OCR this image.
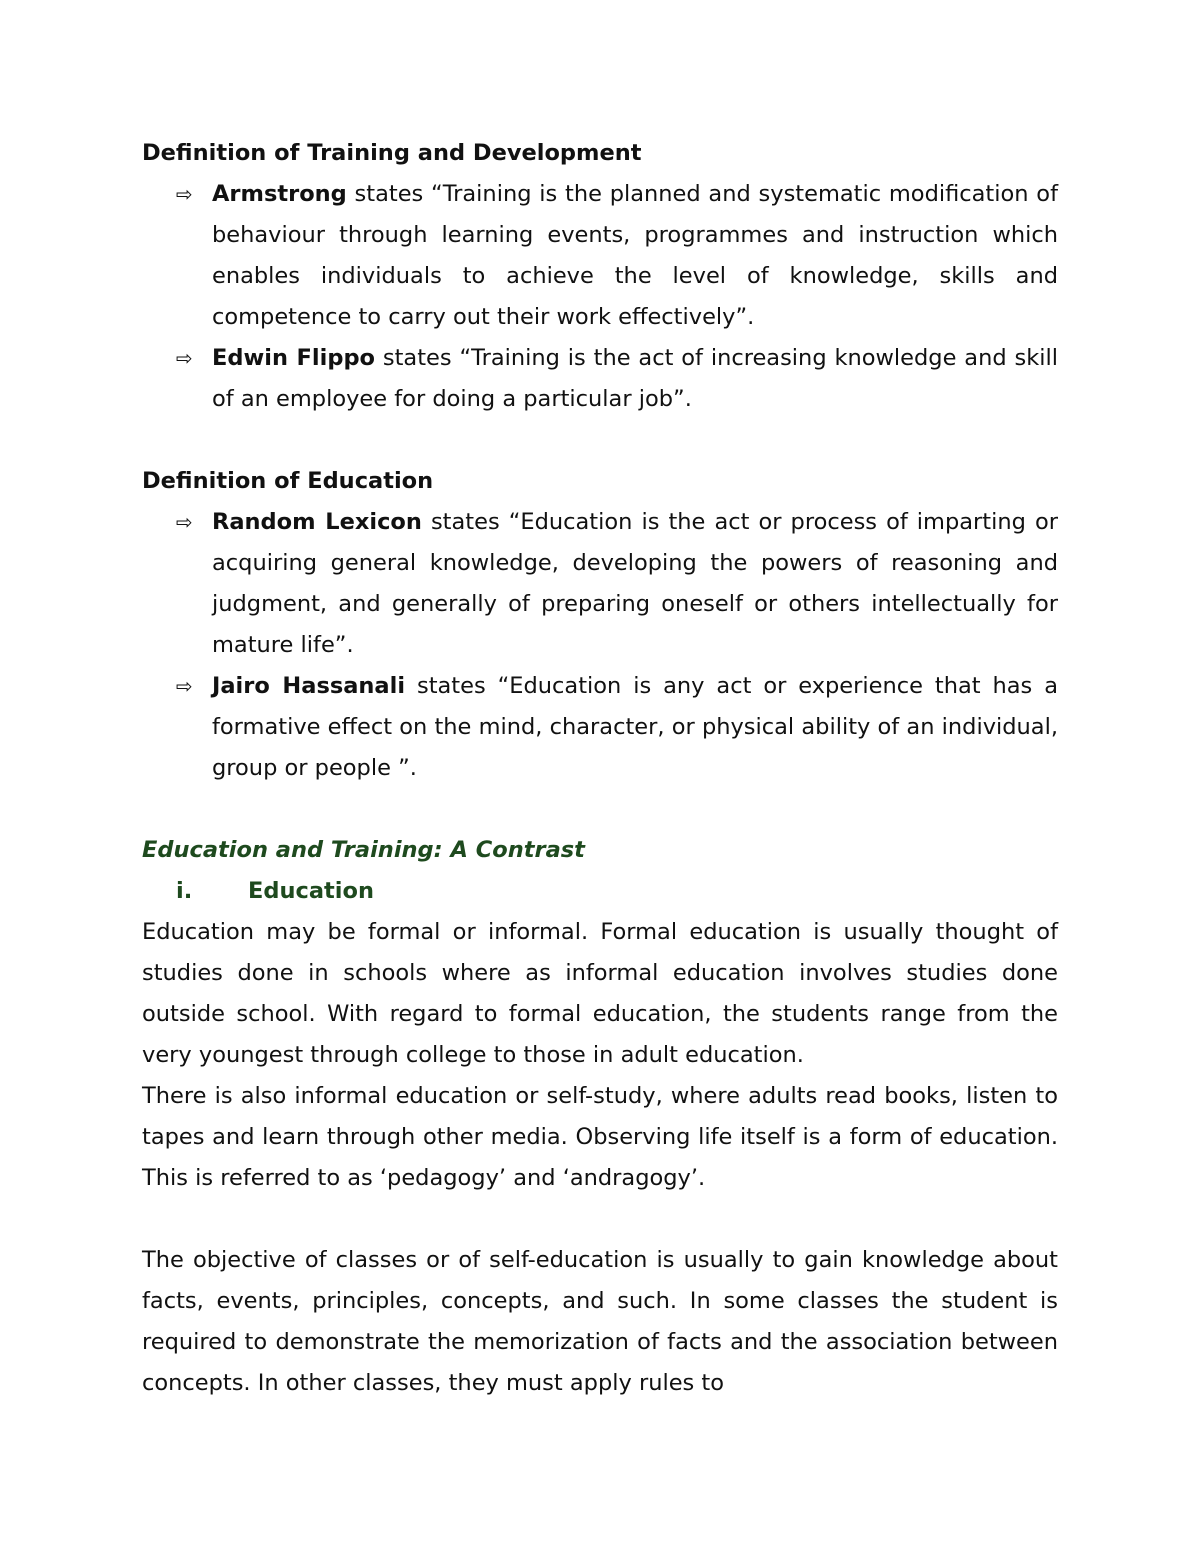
Definition of Training and Development

⇨ Armstrong states “Training is the planned and systematic modification of behaviour through learning events, programmes and instruction which enables individuals to achieve the level of knowledge, skills and competence to carry out their work effectively”.
⇨ Edwin Flippo states “Training is the act of increasing knowledge and skill of an employee for doing a particular job”.

Definition of Education

⇨ Random Lexicon states “Education is the act or process of imparting or acquiring general knowledge, developing the powers of reasoning and judgment, and generally of preparing oneself or others intellectually for mature life”.
⇨ Jairo Hassanali states “Education is any act or experience that has a formative effect on the mind, character, or physical ability of an individual, group or people ”.

Education and Training: A Contrast

i. Education

Education may be formal or informal. Formal education is usually thought of studies done in schools where as informal education involves studies done outside school. With regard to formal education, the students range from the very youngest through college to those in adult education.

There is also informal education or self-study, where adults read books, listen to tapes and learn through other media. Observing life itself is a form of education. This is referred to as ‘pedagogy’ and ‘andragogy’.

The objective of classes or of self-education is usually to gain knowledge about facts, events, principles, concepts, and such. In some classes the student is required to demonstrate the memorization of facts and the association between concepts. In other classes, they must apply rules to
